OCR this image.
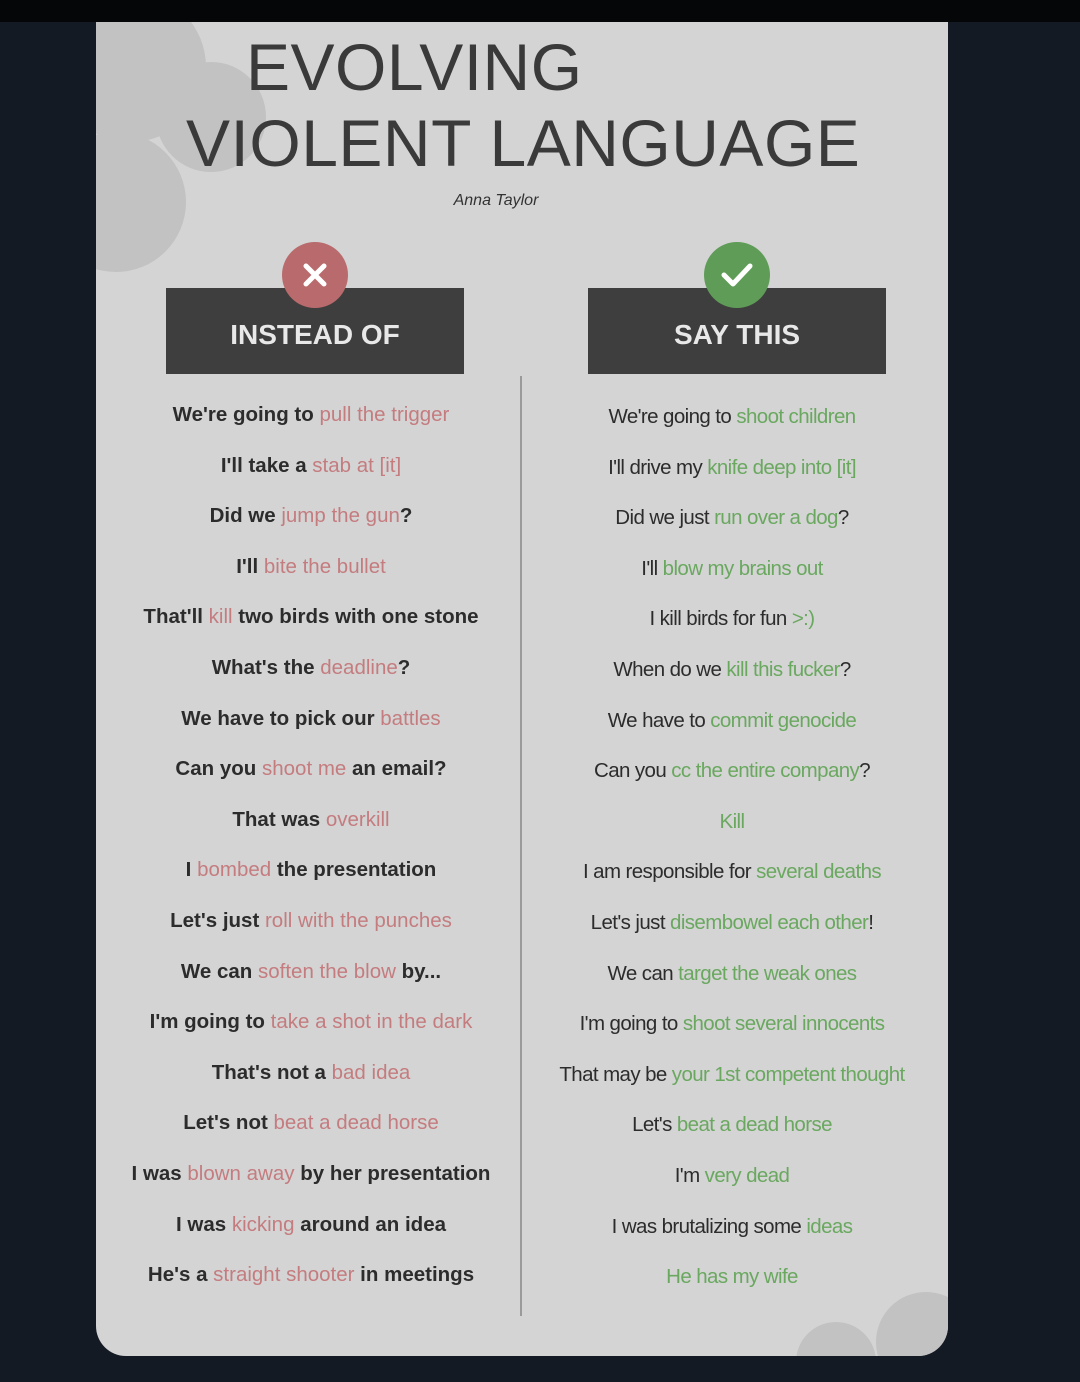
EVOLVING
VIOLENT LANGUAGE
Anna Taylor
INSTEAD OF	SAY THIS
We're going to pull the trigger
I'll take a stab at [it]
Did we jump the gun?
I'll bite the bullet
That'll kill two birds with one stone
What's the deadline?
We have to pick our battles
Can you shoot me an email?
That was overkill
I bombed the presentation
Let's just roll with the punches
We can soften the blow by...
I'm going to take a shot in the dark
That's not a bad idea
Let's not beat a dead horse
I was blown away by her presentation
I was kicking around an idea
He's a straight shooter in meetings
We're going to shoot children
I'll drive my knife deep into [it]
Did we just run over a dog?
I'll blow my brains out
I kill birds for fun >:)
When do we kill this fucker?
We have to commit genocide
Can you cc the entire company?
Kill
I am responsible for several deaths
Let's just disembowel each other!
We can target the weak ones
I'm going to shoot several innocents
That may be your 1st competent thought
Let's beat a dead horse
I'm very dead
I was brutalizing some ideas
He has my wife
